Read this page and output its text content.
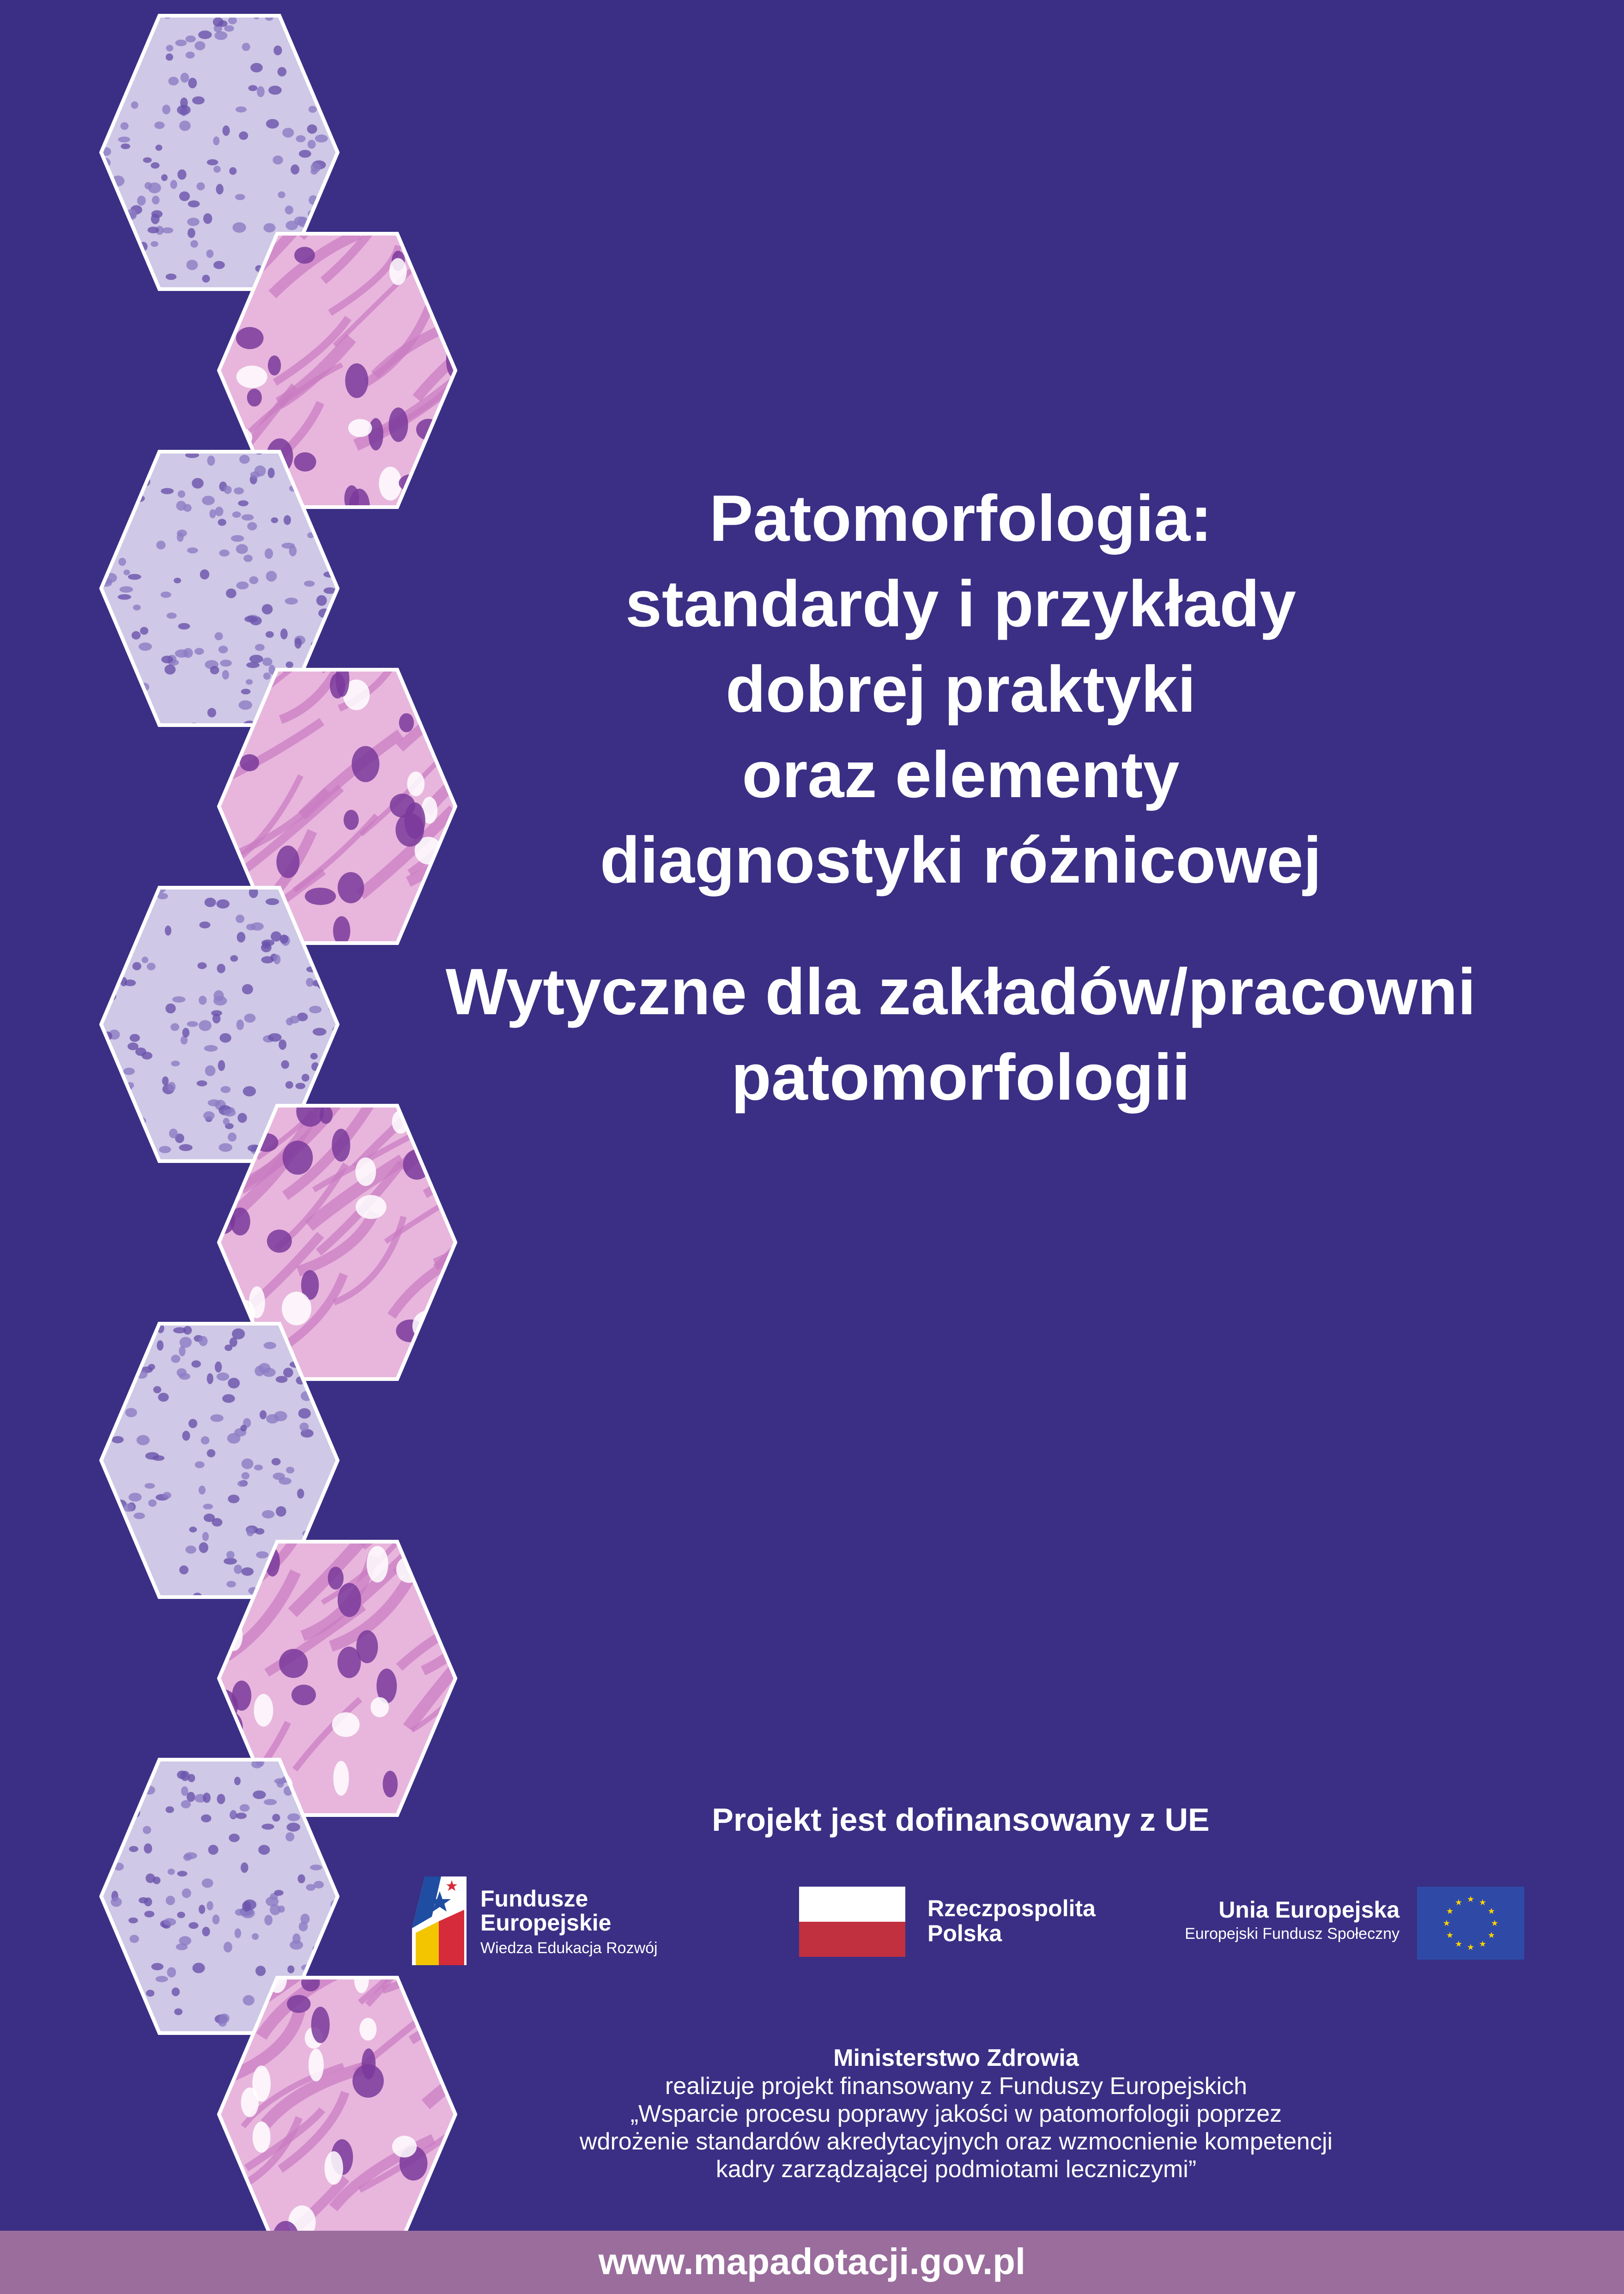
Patomorfologia:
standardy i przykłady
dobrej praktyki
oraz elementy
diagnostyki różnicowej
Wytyczne dla zakładów/pracowni
patomorfologii
Projekt jest dofinansowany z UE
Fundusze
Europejskie
Wiedza Edukacja Rozwój
Rzeczpospolita
Polska
Unia Europejska
Europejski Fundusz Społeczny
★
★
★
★
★
★
★
★
★ ★ ★
★
Ministerstwo Zdrowia
realizuje projekt finansowany z Funduszy Europejskich
„Wsparcie procesu poprawy jakości w patomorfologii poprzez
wdrożenie standardów akredytacyjnych oraz wzmocnienie kompetencji
kadry zarządzającej podmiotami leczniczymi”
www.mapadotacji.gov.pl
